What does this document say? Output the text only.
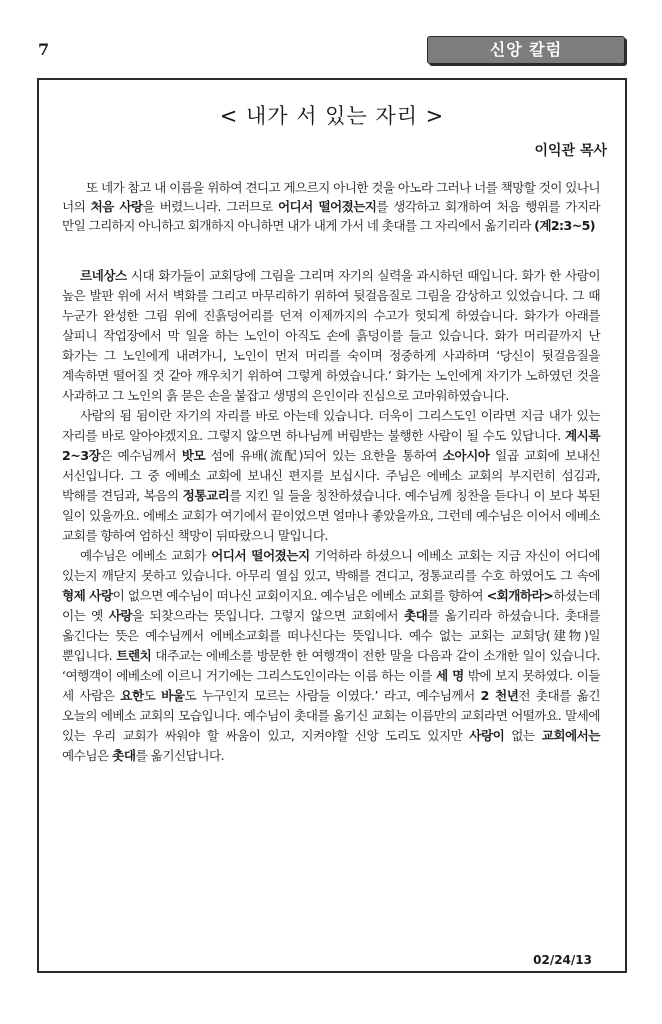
7	신앙 칼럼
< 내가 서 있는 자리 >
이익관 목사

또 네가 참고 내 이름을 위하여 견디고 게으르지 아니한 것을 아노라 그러나 너를 책망할 것이 있나니 너의 처음 사랑을 버렸느니라. 그러므로 어디서 떨어졌는지를 생각하고 회개하여 처음 행위를 가지라 만일 그리하지 아니하고 회개하지 아니하면 내가 내게 가서 네 촛대를 그 자리에서 옮기리라 (계2:3~5)

르네상스 시대 화가들이 교회당에 그림을 그리며 자기의 실력을 과시하던 때입니다. 화가 한 사람이 높은 발판 위에 서서 벽화를 그리고 마무리하기 위하여 뒷걸음질로 그림을 감상하고 있었습니다. 그 때 누군가 완성한 그림 위에 진흙덩어리를 던져 이제까지의 수고가 헛되게 하였습니다. 화가가 아래를 살피니 작업장에서 막 일을 하는 노인이 아직도 손에 흙덩이를 들고 있습니다. 화가 머리끝까지 난 화가는 그 노인에게 내려가니, 노인이 먼저 머리를 숙이며 정중하게 사과하며 ‘당신이 뒷걸음질을 계속하면 떨어질 것 같아 깨우치기 위하여 그렇게 하였습니다.’ 화가는 노인에게 자기가 노하였던 것을 사과하고 그 노인의 흙 묻은 손을 붙잡고 생명의 은인이라 진심으로 고마워하였습니다.

사람의 됨 됨이란 자기의 자리를 바로 아는데 있습니다. 더욱이 그리스도인 이라면 지금 내가 있는 자리를 바로 알아야겠지요. 그렇지 않으면 하나님께 버림받는 불행한 사람이 될 수도 있답니다. 계시록 2~3장은 예수님께서 밧모 섬에 유배(流配)되어 있는 요한을 통하여 소아시아 일곱 교회에 보내신 서신입니다. 그 중 에베소 교회에 보내신 편지를 보십시다. 주님은 에베소 교회의 부지런히 섬김과, 박해를 견딤과, 복음의 정통교리를 지킨 일 들을 칭찬하셨습니다. 예수님께 칭찬을 듣다니 이 보다 복된 일이 있을까요. 에베소 교회가 여기에서 끝이었으면 얼마나 좋았을까요, 그런데 예수님은 이어서 에베소 교회를 향하여 엄하신 책망이 뒤따랐으니 말입니다.

예수님은 에베소 교회가 어디서 떨어졌는지 기억하라 하셨으니 에베소 교회는 지금 자신이 어디에 있는지 깨닫지 못하고 있습니다. 아무리 열심 있고, 박해를 견디고, 정통교리를 수호 하였어도 그 속에 형제 사랑이 없으면 예수님이 떠나신 교회이지요. 예수님은 에베소 교회를 향하여 <회개하라>하셨는데 이는 옛 사랑을 되찾으라는 뜻입니다. 그렇지 않으면 교회에서 촛대를 옮기리라 하셨습니다. 촛대를 옮긴다는 뜻은 예수님께서 에베소교회를 떠나신다는 뜻입니다. 예수 없는 교회는 교회당(建物)일 뿐입니다. 트렌치 대주교는 에베소를 방문한 한 여행객이 전한 말을 다음과 같이 소개한 일이 있습니다. ‘여행객이 에베소에 이르니 거기에는 그리스도인이라는 이름 하는 이를 세 명 밖에 보지 못하였다. 이들 세 사람은 요한도 바울도 누구인지 모르는 사람들 이였다.’ 라고, 예수님께서 2 천년전 촛대를 옮긴 오늘의 에베소 교회의 모습입니다. 예수님이 촛대를 옮기신 교회는 이름만의 교회라면 어떨까요. 말세에 있는 우리 교회가 싸워야 할 싸움이 있고, 지켜야할 신앙 도리도 있지만 사랑이 없는 교회에서는 예수님은 촛대를 옮기신답니다.

02/24/13
